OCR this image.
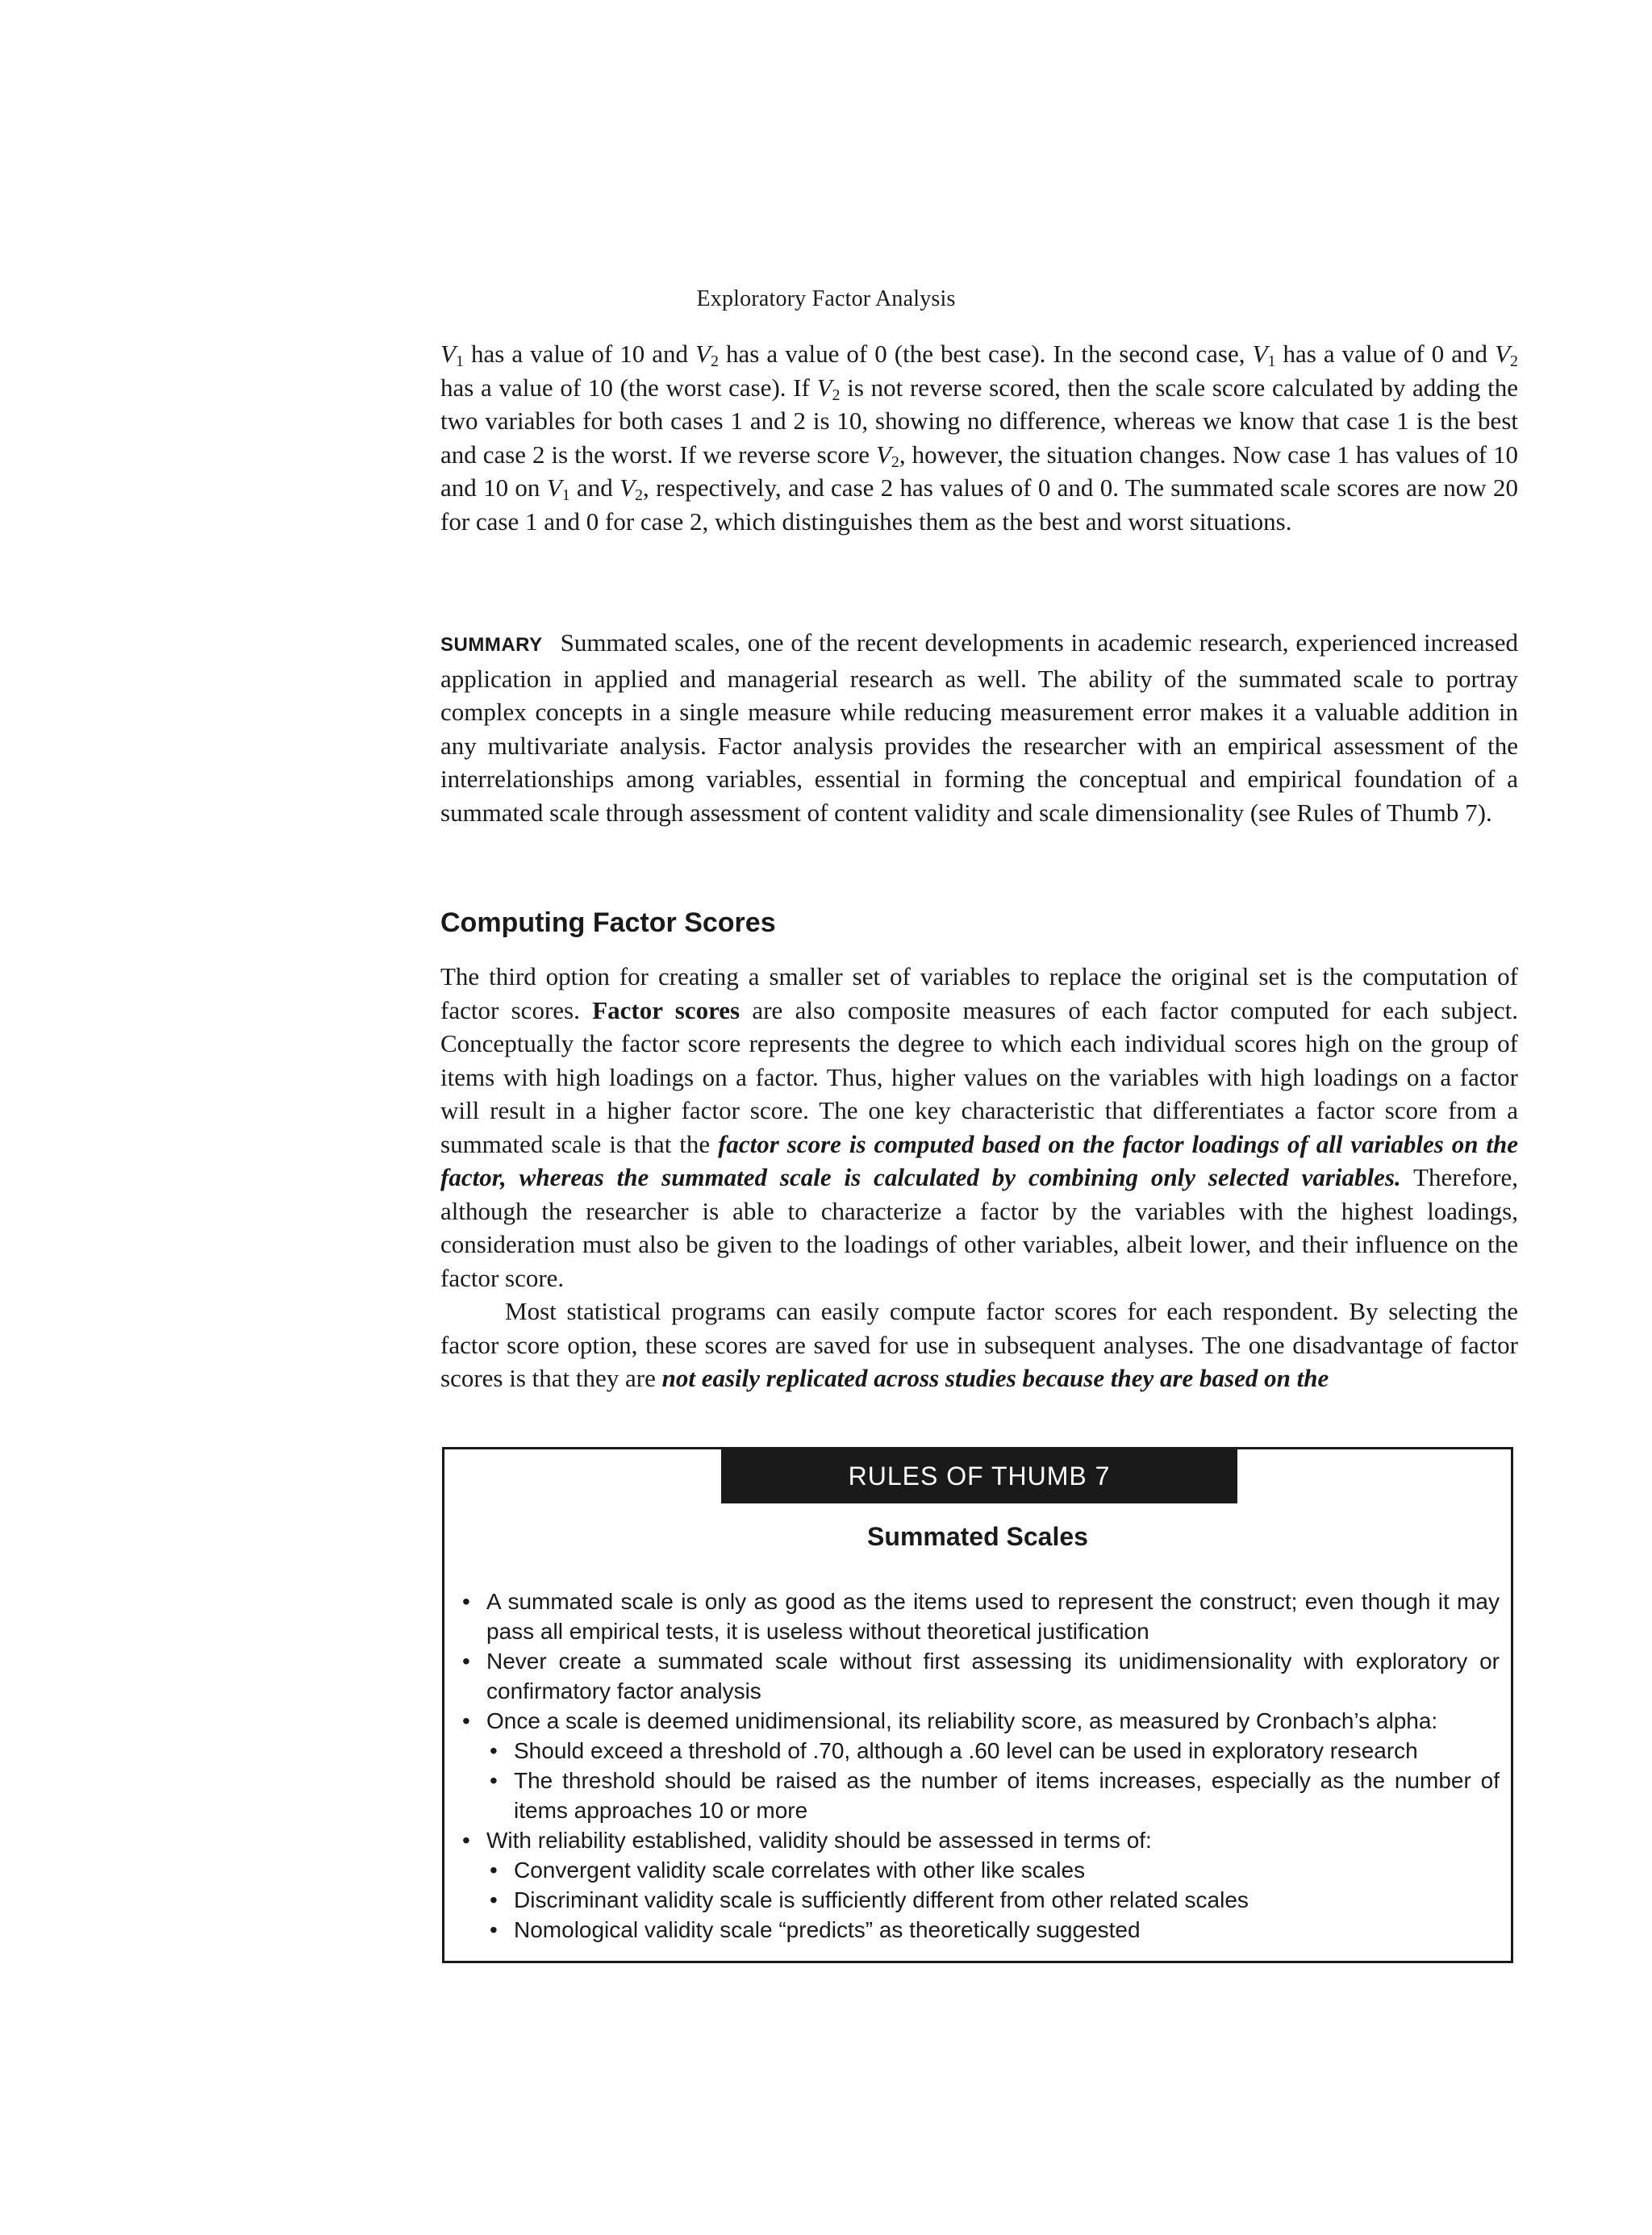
Exploratory Factor Analysis

$V_1$ has a value of 10 and $V_2$ has a value of 0 (the best case). In the second case, $V_1$ has a value of 0 and $V_2$ has a value of 10 (the worst case). If $V_2$ is not reverse scored, then the scale score calculated by adding the two variables for both cases 1 and 2 is 10, showing no difference, whereas we know that case 1 is the best and case 2 is the worst. If we reverse score $V_2$, however, the situation changes. Now case 1 has values of 10 and 10 on $V_1$ and $V_2$, respectively, and case 2 has values of 0 and 0. The summated scale scores are now 20 for case 1 and 0 for case 2, which distinguishes them as the best and worst situations.

SUMMARY Summated scales, one of the recent developments in academic research, experienced increased application in applied and managerial research as well. The ability of the summated scale to portray complex concepts in a single measure while reducing measurement error makes it a valuable addition in any multivariate analysis. Factor analysis provides the researcher with an empirical assessment of the interrelationships among variables, essential in forming the conceptual and empirical foundation of a summated scale through assessment of content validity and scale dimensionality (see Rules of Thumb 7).

Computing Factor Scores

The third option for creating a smaller set of variables to replace the original set is the computation of factor scores. Factor scores are also composite measures of each factor computed for each subject. Conceptually the factor score represents the degree to which each individual scores high on the group of items with high loadings on a factor. Thus, higher values on the variables with high loadings on a factor will result in a higher factor score. The one key characteristic that differentiates a factor score from a summated scale is that the factor score is computed based on the factor loadings of all variables on the factor, whereas the summated scale is calculated by combining only selected variables. Therefore, although the researcher is able to characterize a factor by the variables with the highest loadings, consideration must also be given to the loadings of other variables, albeit lower, and their influence on the factor score.

Most statistical programs can easily compute factor scores for each respondent. By selecting the factor score option, these scores are saved for use in subsequent analyses. The one disadvantage of factor scores is that they are not easily replicated across studies because they are based on the

RULES OF THUMB 7
Summated Scales
• A summated scale is only as good as the items used to represent the construct; even though it may pass all empirical tests, it is useless without theoretical justification
• Never create a summated scale without first assessing its unidimensionality with exploratory or confirmatory factor analysis
• Once a scale is deemed unidimensional, its reliability score, as measured by Cronbach’s alpha:
• Should exceed a threshold of .70, although a .60 level can be used in exploratory research
• The threshold should be raised as the number of items increases, especially as the number of items approaches 10 or more
• With reliability established, validity should be assessed in terms of:
• Convergent validity scale correlates with other like scales
• Discriminant validity scale is sufficiently different from other related scales
• Nomological validity scale “predicts” as theoretically suggested
